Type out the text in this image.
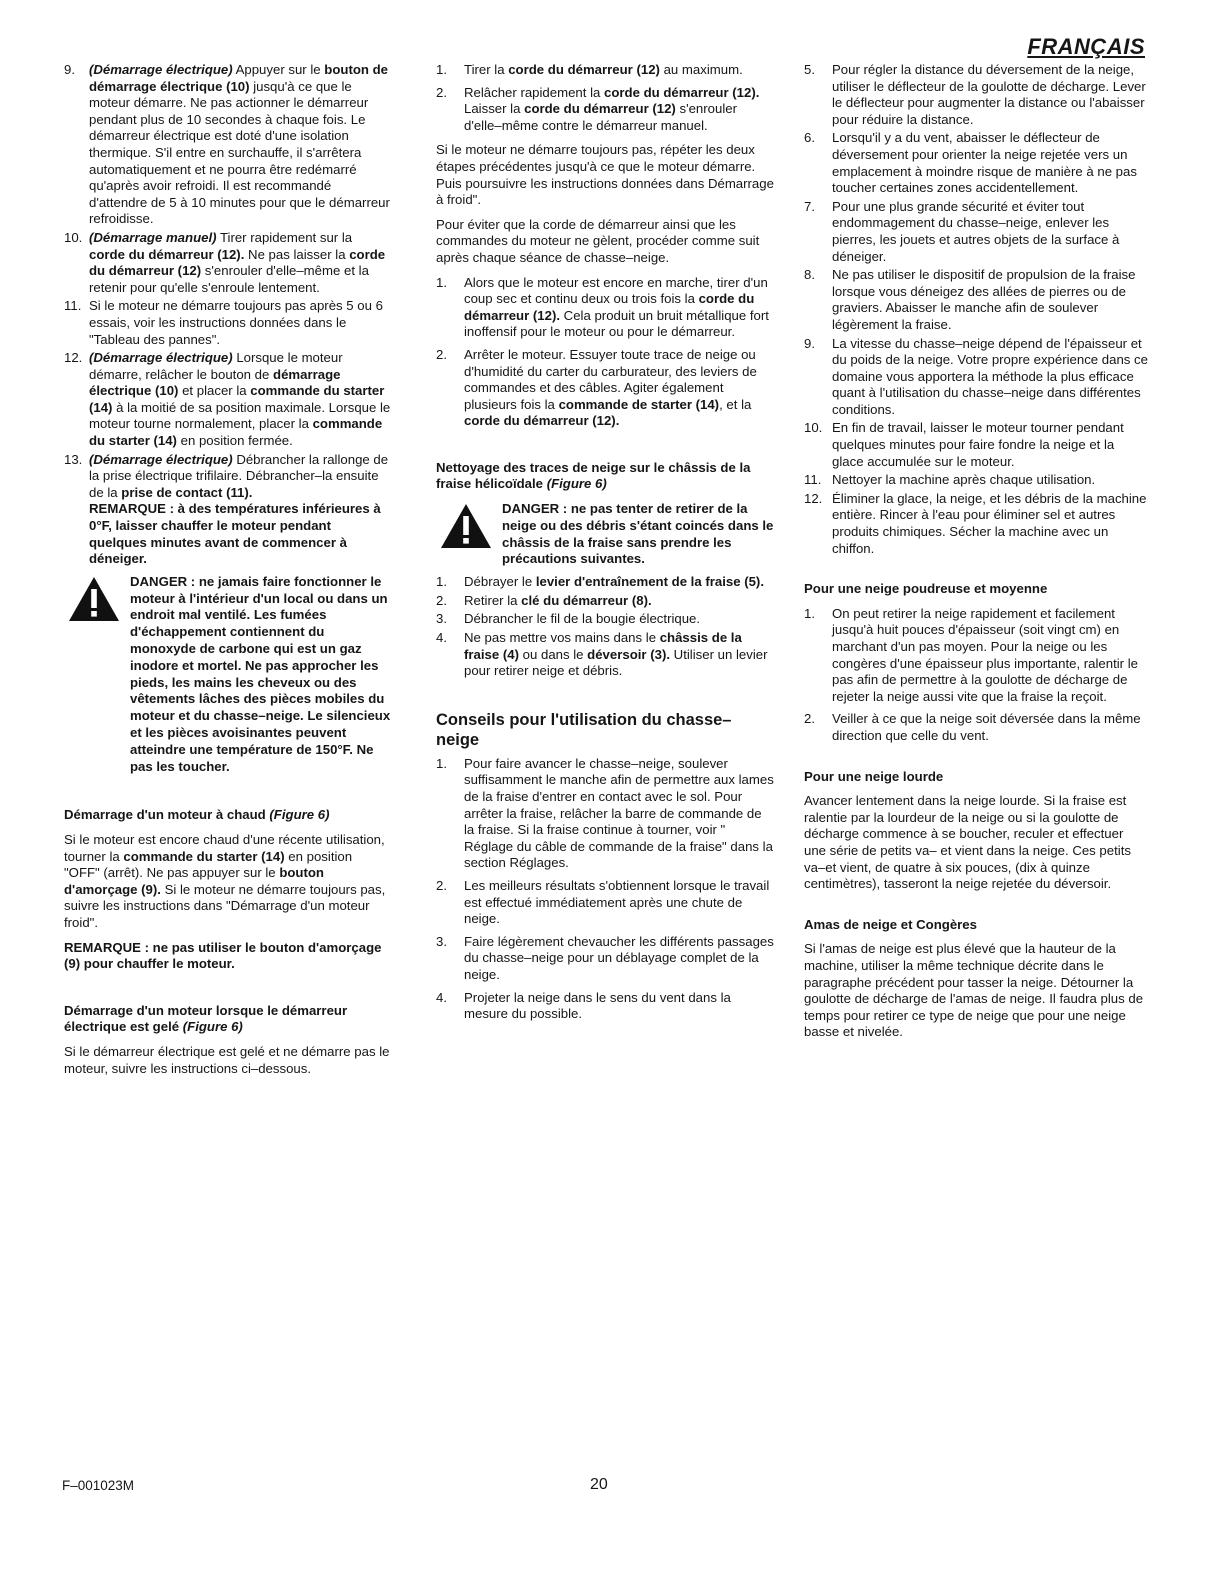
FRANÇAIS
9. (Démarrage électrique) Appuyer sur le bouton de démarrage électrique (10) jusqu'à ce que le moteur démarre. Ne pas actionner le démarreur pendant plus de 10 secondes à chaque fois. Le démarreur électrique est doté d'une isolation thermique. S'il entre en surchauffe, il s'arrêtera automatiquement et ne pourra être redémarré qu'après avoir refroidi. Il est recommandé d'attendre de 5 à 10 minutes pour que le démarreur refroidisse.
10. (Démarrage manuel) Tirer rapidement sur la corde du démarreur (12). Ne pas laisser la corde du démarreur (12) s'enrouler d'elle–même et la retenir pour qu'elle s'enroule lentement.
11. Si le moteur ne démarre toujours pas après 5 ou 6 essais, voir les instructions données dans le "Tableau des pannes".
12. (Démarrage électrique) Lorsque le moteur démarre, relâcher le bouton de démarrage électrique (10) et placer la commande du starter (14) à la moitié de sa position maximale. Lorsque le moteur tourne normalement, placer la commande du starter (14) en position fermée.
13. (Démarrage électrique) Débrancher la rallonge de la prise électrique trifilaire. Débrancher–la ensuite de la prise de contact (11).
REMARQUE : à des températures inférieures à 0°F, laisser chauffer le moteur pendant quelques minutes avant de commencer à déneiger.
DANGER : ne jamais faire fonctionner le moteur à l'intérieur d'un local ou dans un endroit mal ventilé. Les fumées d'échappement contiennent du monoxyde de carbone qui est un gaz inodore et mortel. Ne pas approcher les pieds, les mains les cheveux ou des vêtements lâches des pièces mobiles du moteur et du chasse–neige. Le silencieux et les pièces avoisinantes peuvent atteindre une température de 150°F. Ne pas les toucher.
Démarrage d'un moteur à chaud (Figure 6)

Si le moteur est encore chaud d'une récente utilisation, tourner la commande du starter (14) en position "OFF" (arrêt). Ne pas appuyer sur le bouton d'amorçage (9). Si le moteur ne démarre toujours pas, suivre les instructions dans "Démarrage d'un moteur froid".

REMARQUE : ne pas utiliser le bouton d'amorçage (9) pour chauffer le moteur.

Démarrage d'un moteur lorsque le démarreur électrique est gelé (Figure 6)

Si le démarreur électrique est gelé et ne démarre pas le moteur, suivre les instructions ci–dessous.

1. Tirer la corde du démarreur (12) au maximum.
2. Relâcher rapidement la corde du démarreur (12). Laisser la corde du démarreur (12) s'enrouler d'elle–même contre le démarreur manuel.

Si le moteur ne démarre toujours pas, répéter les deux étapes précédentes jusqu'à ce que le moteur démarre. Puis poursuivre les instructions données dans Démarrage à froid".

Pour éviter que la corde de démarreur ainsi que les commandes du moteur ne gèlent, procéder comme suit après chaque séance de chasse–neige.

1. Alors que le moteur est encore en marche, tirer d'un coup sec et continu deux ou trois fois la corde du démarreur (12). Cela produit un bruit métallique fort inoffensif pour le moteur ou pour le démarreur.
2. Arrêter le moteur. Essuyer toute trace de neige ou d'humidité du carter du carburateur, des leviers de commandes et des câbles. Agiter également plusieurs fois la commande de starter (14), et la corde du démarreur (12).
Nettoyage des traces de neige sur le châssis de la fraise hélicoïdale (Figure 6)
DANGER : ne pas tenter de retirer de la neige ou des débris s'étant coincés dans le châssis de la fraise sans prendre les précautions suivantes.
1. Débrayer le levier d'entraînement de la fraise (5).
2. Retirer la clé du démarreur (8).
3. Débrancher le fil de la bougie électrique.
4. Ne pas mettre vos mains dans le châssis de la fraise (4) ou dans le déversoir (3). Utiliser un levier pour retirer neige et débris.
Conseils pour l'utilisation du chasse–neige
1. Pour faire avancer le chasse–neige, soulever suffisamment le manche afin de permettre aux lames de la fraise d'entrer en contact avec le sol. Pour arrêter la fraise, relâcher la barre de commande de la fraise. Si la fraise continue à tourner, voir " Réglage du câble de commande de la fraise" dans la section Réglages.
2. Les meilleurs résultats s'obtiennent lorsque le travail est effectué immédiatement après une chute de neige.
3. Faire légèrement chevaucher les différents passages du chasse–neige pour un déblayage complet de la neige.
4. Projeter la neige dans le sens du vent dans la mesure du possible.
5. Pour régler la distance du déversement de la neige, utiliser le déflecteur de la goulotte de décharge. Lever le déflecteur pour augmenter la distance ou l'abaisser pour réduire la distance.
6. Lorsqu'il y a du vent, abaisser le déflecteur de déversement pour orienter la neige rejetée vers un emplacement à moindre risque de manière à ne pas toucher certaines zones accidentellement.
7. Pour une plus grande sécurité et éviter tout endommagement du chasse–neige, enlever les pierres, les jouets et autres objets de la surface à déneiger.
8. Ne pas utiliser le dispositif de propulsion de la fraise lorsque vous déneigez des allées de pierres ou de graviers. Abaisser le manche afin de soulever légèrement la fraise.
9. La vitesse du chasse–neige dépend de l'épaisseur et du poids de la neige. Votre propre expérience dans ce domaine vous apportera la méthode la plus efficace quant à l'utilisation du chasse–neige dans différentes conditions.
10. En fin de travail, laisser le moteur tourner pendant quelques minutes pour faire fondre la neige et la glace accumulée sur le moteur.
11. Nettoyer la machine après chaque utilisation.
12. Éliminer la glace, la neige, et les débris de la machine entière. Rincer à l'eau pour éliminer sel et autres produits chimiques. Sécher la machine avec un chiffon.
Pour une neige poudreuse et moyenne
1. On peut retirer la neige rapidement et facilement jusqu'à huit pouces d'épaisseur (soit vingt cm) en marchant d'un pas moyen. Pour la neige ou les congères d'une épaisseur plus importante, ralentir le pas afin de permettre à la goulotte de décharge de rejeter la neige aussi vite que la fraise la reçoit.
2. Veiller à ce que la neige soit déversée dans la même direction que celle du vent.
Pour une neige lourde

Avancer lentement dans la neige lourde. Si la fraise est ralentie par la lourdeur de la neige ou si la goulotte de décharge commence à se boucher, reculer et effectuer une série de petits va– et vient dans la neige. Ces petits va–et vient, de quatre à six pouces, (dix à quinze centimètres), tasseront la neige rejetée du déversoir.

Amas de neige et Congères

Si l'amas de neige est plus élevé que la hauteur de la machine, utiliser la même technique décrite dans le paragraphe précédent pour tasser la neige. Détourner la goulotte de décharge de l'amas de neige. Il faudra plus de temps pour retirer ce type de neige que pour une neige basse et nivelée.

F–001023M	20
